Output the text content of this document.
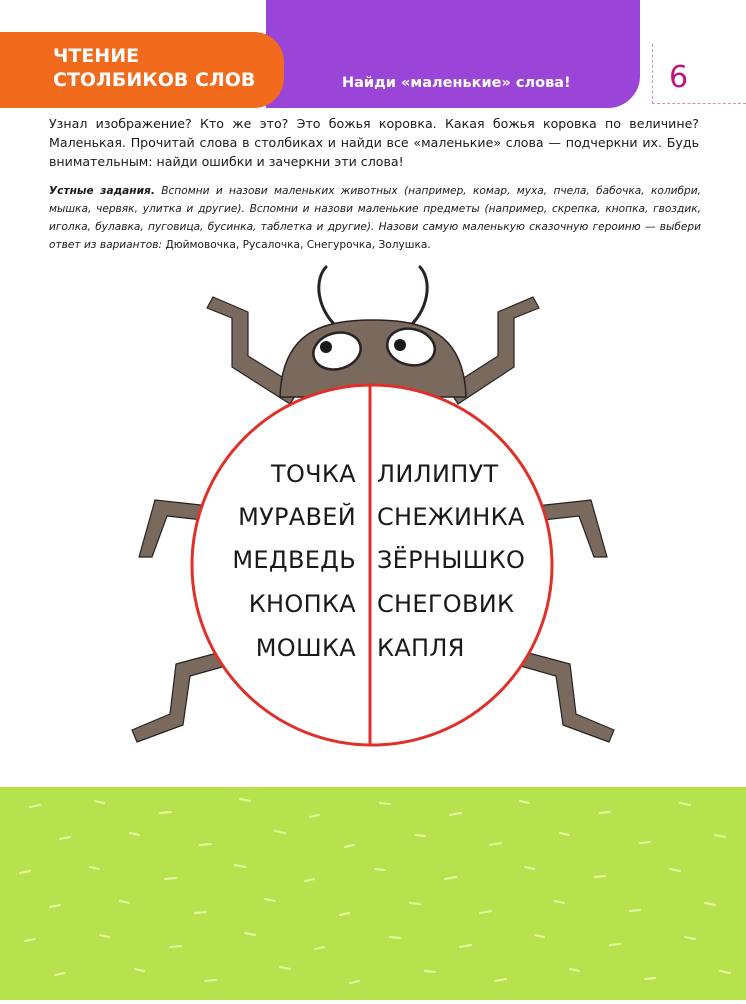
ЧТЕНИЕ
СТОЛБИКОВ СЛОВ	Найди «маленькие» слова!	6

Узнал изображение? Кто же это? Это божья коровка. Какая божья коровка по величине? Маленькая. Прочитай слова в столбиках и найди все «маленькие» слова — подчеркни их. Будь внимательным: найди ошибки и зачеркни эти слова!

Устные задания. Вспомни и назови маленьких животных (например, комар, муха, пчела, бабочка, колибри, мышка, червяк, улитка и другие). Вспомни и назови маленькие предметы (например, скрепка, кнопка, гвоздик, иголка, булавка, пуговица, бусинка, таблетка и другие). Назови самую маленькую сказочную героиню — выбери ответ из вариантов: Дюймовочка, Русалочка, Снегурочка, Золушка.

ТОЧКА
МУРАВЕЙ
МЕДВЕДЬ
КНОПКА
МОШКА
ЛИЛИПУТ
СНЕЖИНКА
ЗЁРНЫШКО
СНЕГОВИК
КАПЛЯ
